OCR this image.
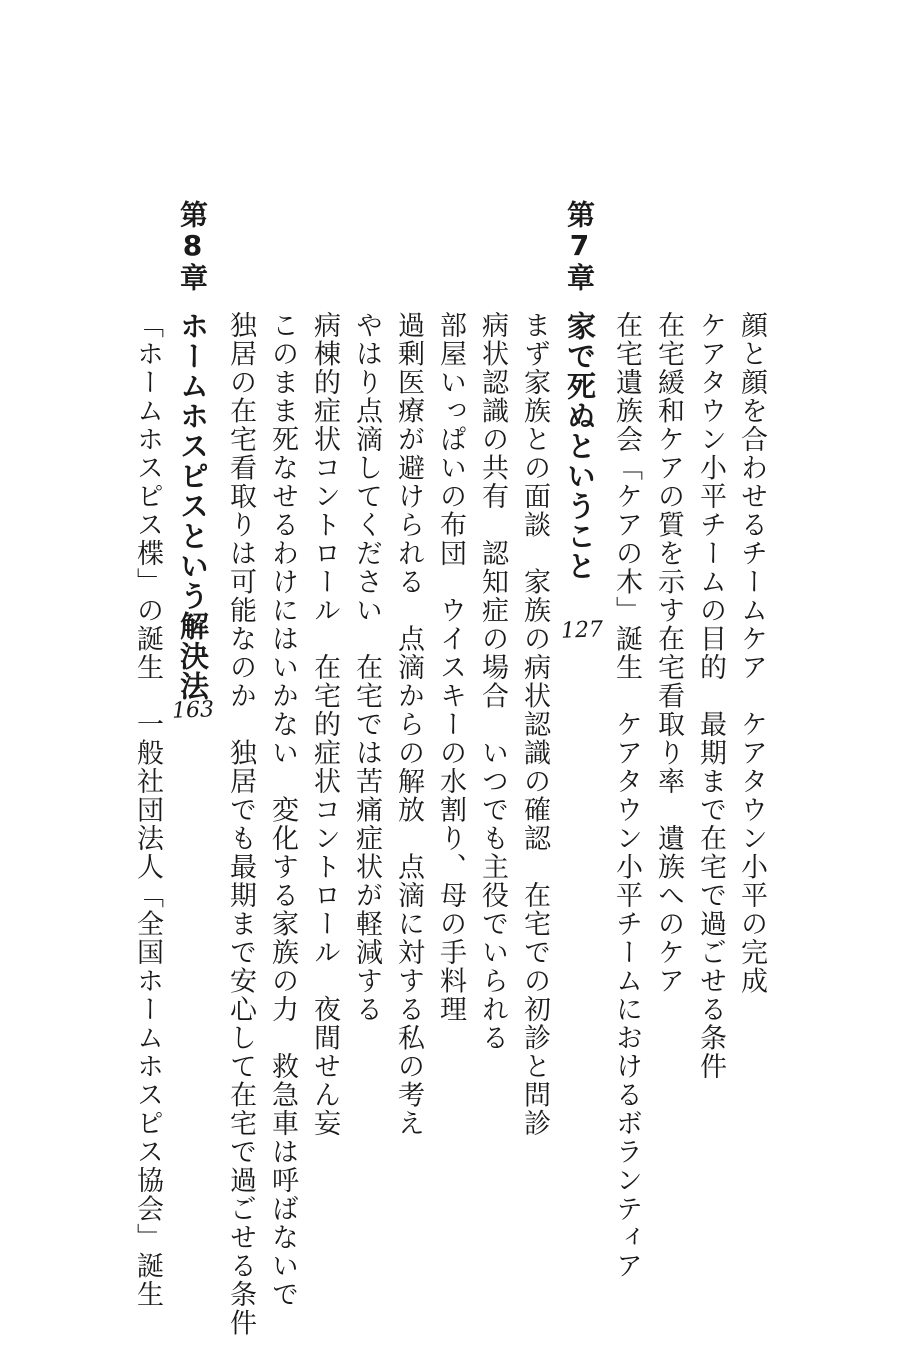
顔と顔を合わせるチームケア　ケアタウン小平の完成
ケアタウン小平チームの目的　最期まで在宅で過ごせる条件
在宅緩和ケアの質を示す在宅看取り率　遺族へのケア
在宅遺族会「ケアの木」誕生　ケアタウン小平チームにおけるボランティア
第7章
家で死ぬということ
127
まず家族との面談　家族の病状認識の確認　在宅での初診と問診
病状認識の共有　認知症の場合　いつでも主役でいられる
部屋いっぱいの布団　ウイスキーの水割り、母の手料理
過剰医療が避けられる　点滴からの解放　点滴に対する私の考え
やはり点滴してください　在宅では苦痛症状が軽減する
病棟的症状コントロール　在宅的症状コントロール　夜間せん妄
このまま死なせるわけにはいかない　変化する家族の力　救急車は呼ばないで
独居の在宅看取りは可能なのか　独居でも最期まで安心して在宅で過ごせる条件
第8章
ホームホスピスという解決法
163
「ホームホスピス楪」の誕生　一般社団法人「全国ホームホスピス協会」誕生
